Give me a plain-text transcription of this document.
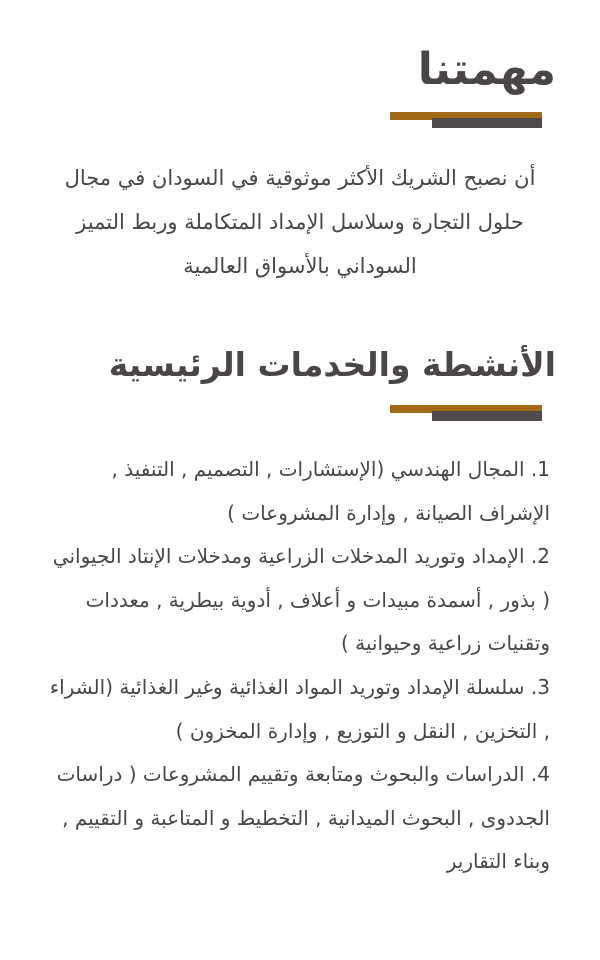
مهمتنا

أن نصبح الشريك الأكثر موثوقية في السودان في مجال حلول التجارة وسلاسل الإمداد المتكاملة وربط التميز السوداني بالأسواق العالمية

الأنشطة والخدمات الرئيسية
1. المجال الهندسي (الإستشارات , التصميم , التنفيذ , الإشراف الصيانة , وإدارة المشروعات )
2. الإمداد وتوريد المدخلات الزراعية ومدخلات الإنتاد الجيواني ( بذور , أسمدة مبيدات و أعلاف , أدوية بيطرية , معددات وتقنيات زراعية وحيوانية )
3. سلسلة الإمداد وتوريد المواد الغذائية وغير الغذائية (الشراء , التخزين , النقل و التوزيع , وإدارة المخزون )
4. الدراسات والبحوث ومتابعة وتقييم المشروعات ( دراسات الجددوى , البحوث الميدانية , التخطيط و المتاعبة و التقييم , وبناء التقارير
